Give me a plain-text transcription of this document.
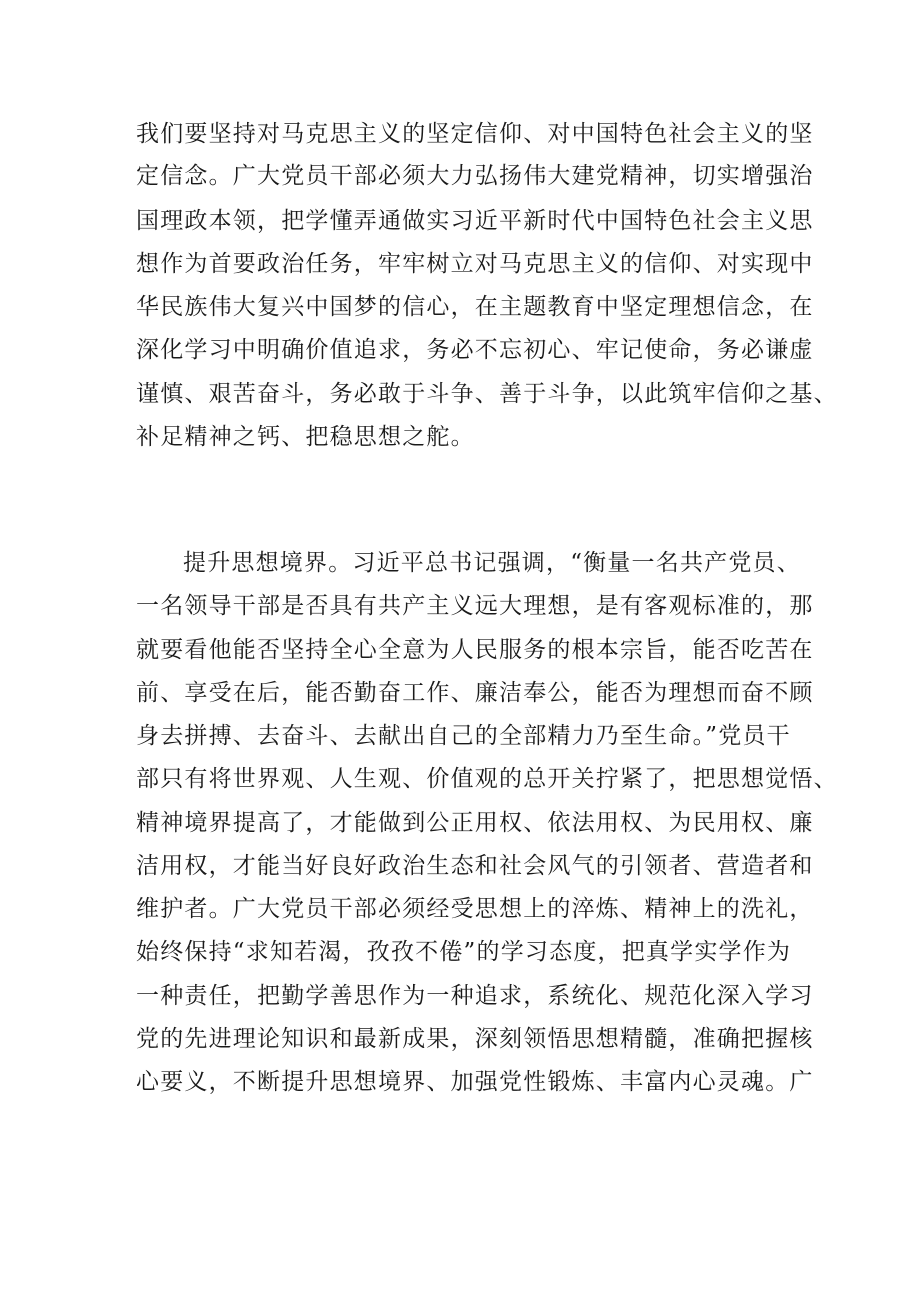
我们要坚持对马克思主义的坚定信仰、对中国特色社会主义的坚

定信念。广大党员干部必须大力弘扬伟大建党精神，切实增强治

国理政本领，把学懂弄通做实习近平新时代中国特色社会主义思

想作为首要政治任务，牢牢树立对马克思主义的信仰、对实现中

华民族伟大复兴中国梦的信心，在主题教育中坚定理想信念，在

深化学习中明确价值追求，务必不忘初心、牢记使命，务必谦虚

谨慎、艰苦奋斗，务必敢于斗争、善于斗争，以此筑牢信仰之基、

补足精神之钙、把稳思想之舵。

提升思想境界。习近平总书记强调，“衡量一名共产党员、

一名领导干部是否具有共产主义远大理想，是有客观标准的，那

就要看他能否坚持全心全意为人民服务的根本宗旨，能否吃苦在

前、享受在后，能否勤奋工作、廉洁奉公，能否为理想而奋不顾

身去拼搏、去奋斗、去献出自己的全部精力乃至生命。”党员干

部只有将世界观、人生观、价值观的总开关拧紧了，把思想觉悟、

精神境界提高了，才能做到公正用权、依法用权、为民用权、廉

洁用权，才能当好良好政治生态和社会风气的引领者、营造者和

维护者。广大党员干部必须经受思想上的淬炼、精神上的洗礼，

始终保持“求知若渴，孜孜不倦”的学习态度，把真学实学作为

一种责任，把勤学善思作为一种追求，系统化、规范化深入学习

党的先进理论知识和最新成果，深刻领悟思想精髓，准确把握核

心要义，不断提升思想境界、加强党性锻炼、丰富内心灵魂。广
